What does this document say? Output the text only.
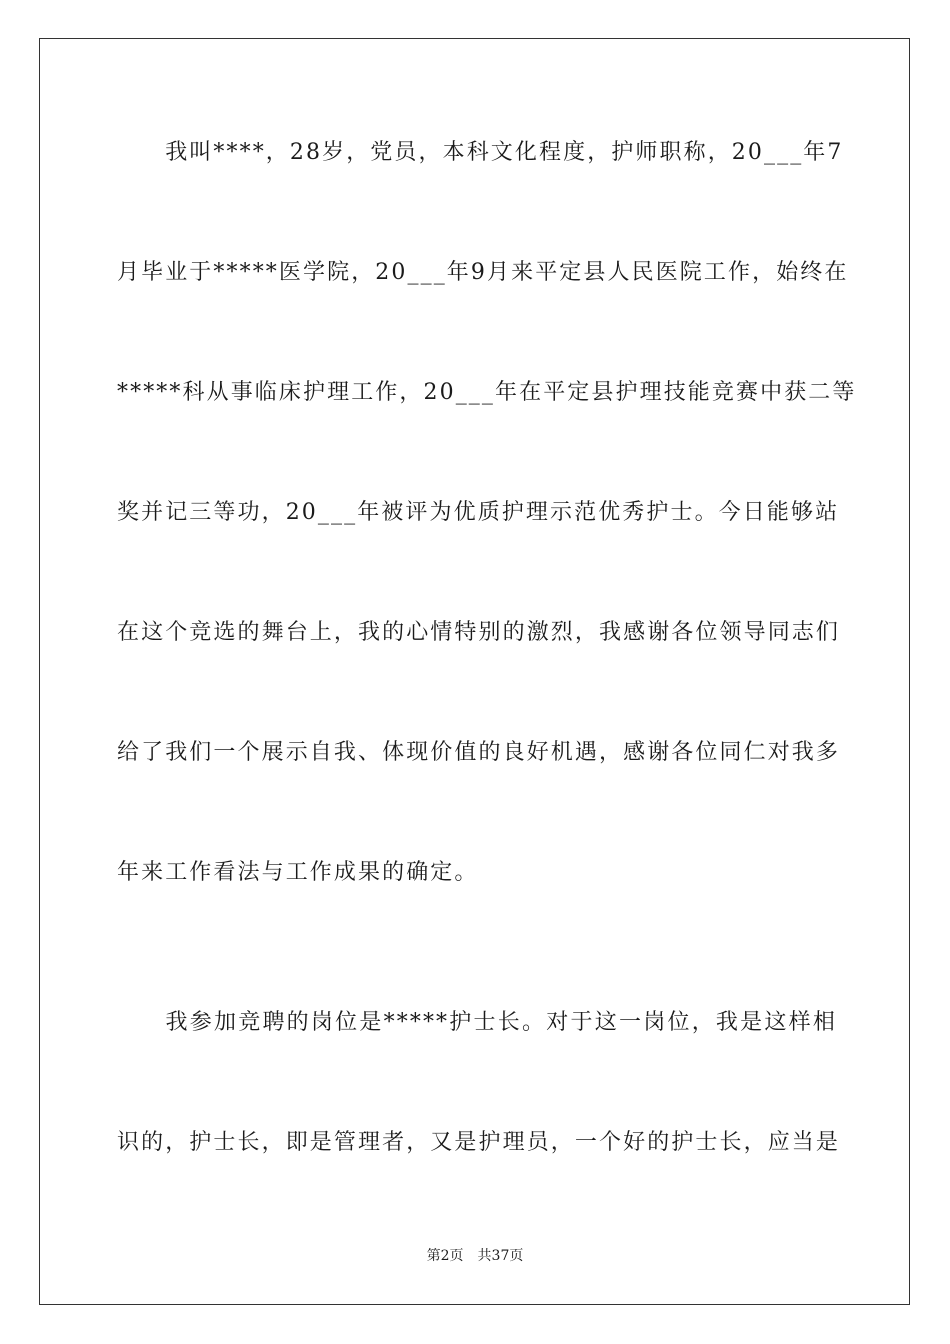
　　我叫****，28岁，党员，本科文化程度，护师职称，20___年7
月毕业于*****医学院，20___年9月来平定县人民医院工作，始终在
*****科从事临床护理工作，20___年在平定县护理技能竞赛中获二等
奖并记三等功，20___年被评为优质护理示范优秀护士。今日能够站
在这个竞选的舞台上，我的心情特别的激烈，我感谢各位领导同志们
给了我们一个展示自我、体现价值的良好机遇，感谢各位同仁对我多
年来工作看法与工作成果的确定。
　　我参加竞聘的岗位是*****护士长。对于这一岗位，我是这样相
识的，护士长，即是管理者，又是护理员，一个好的护士长，应当是
第2页 共37页
